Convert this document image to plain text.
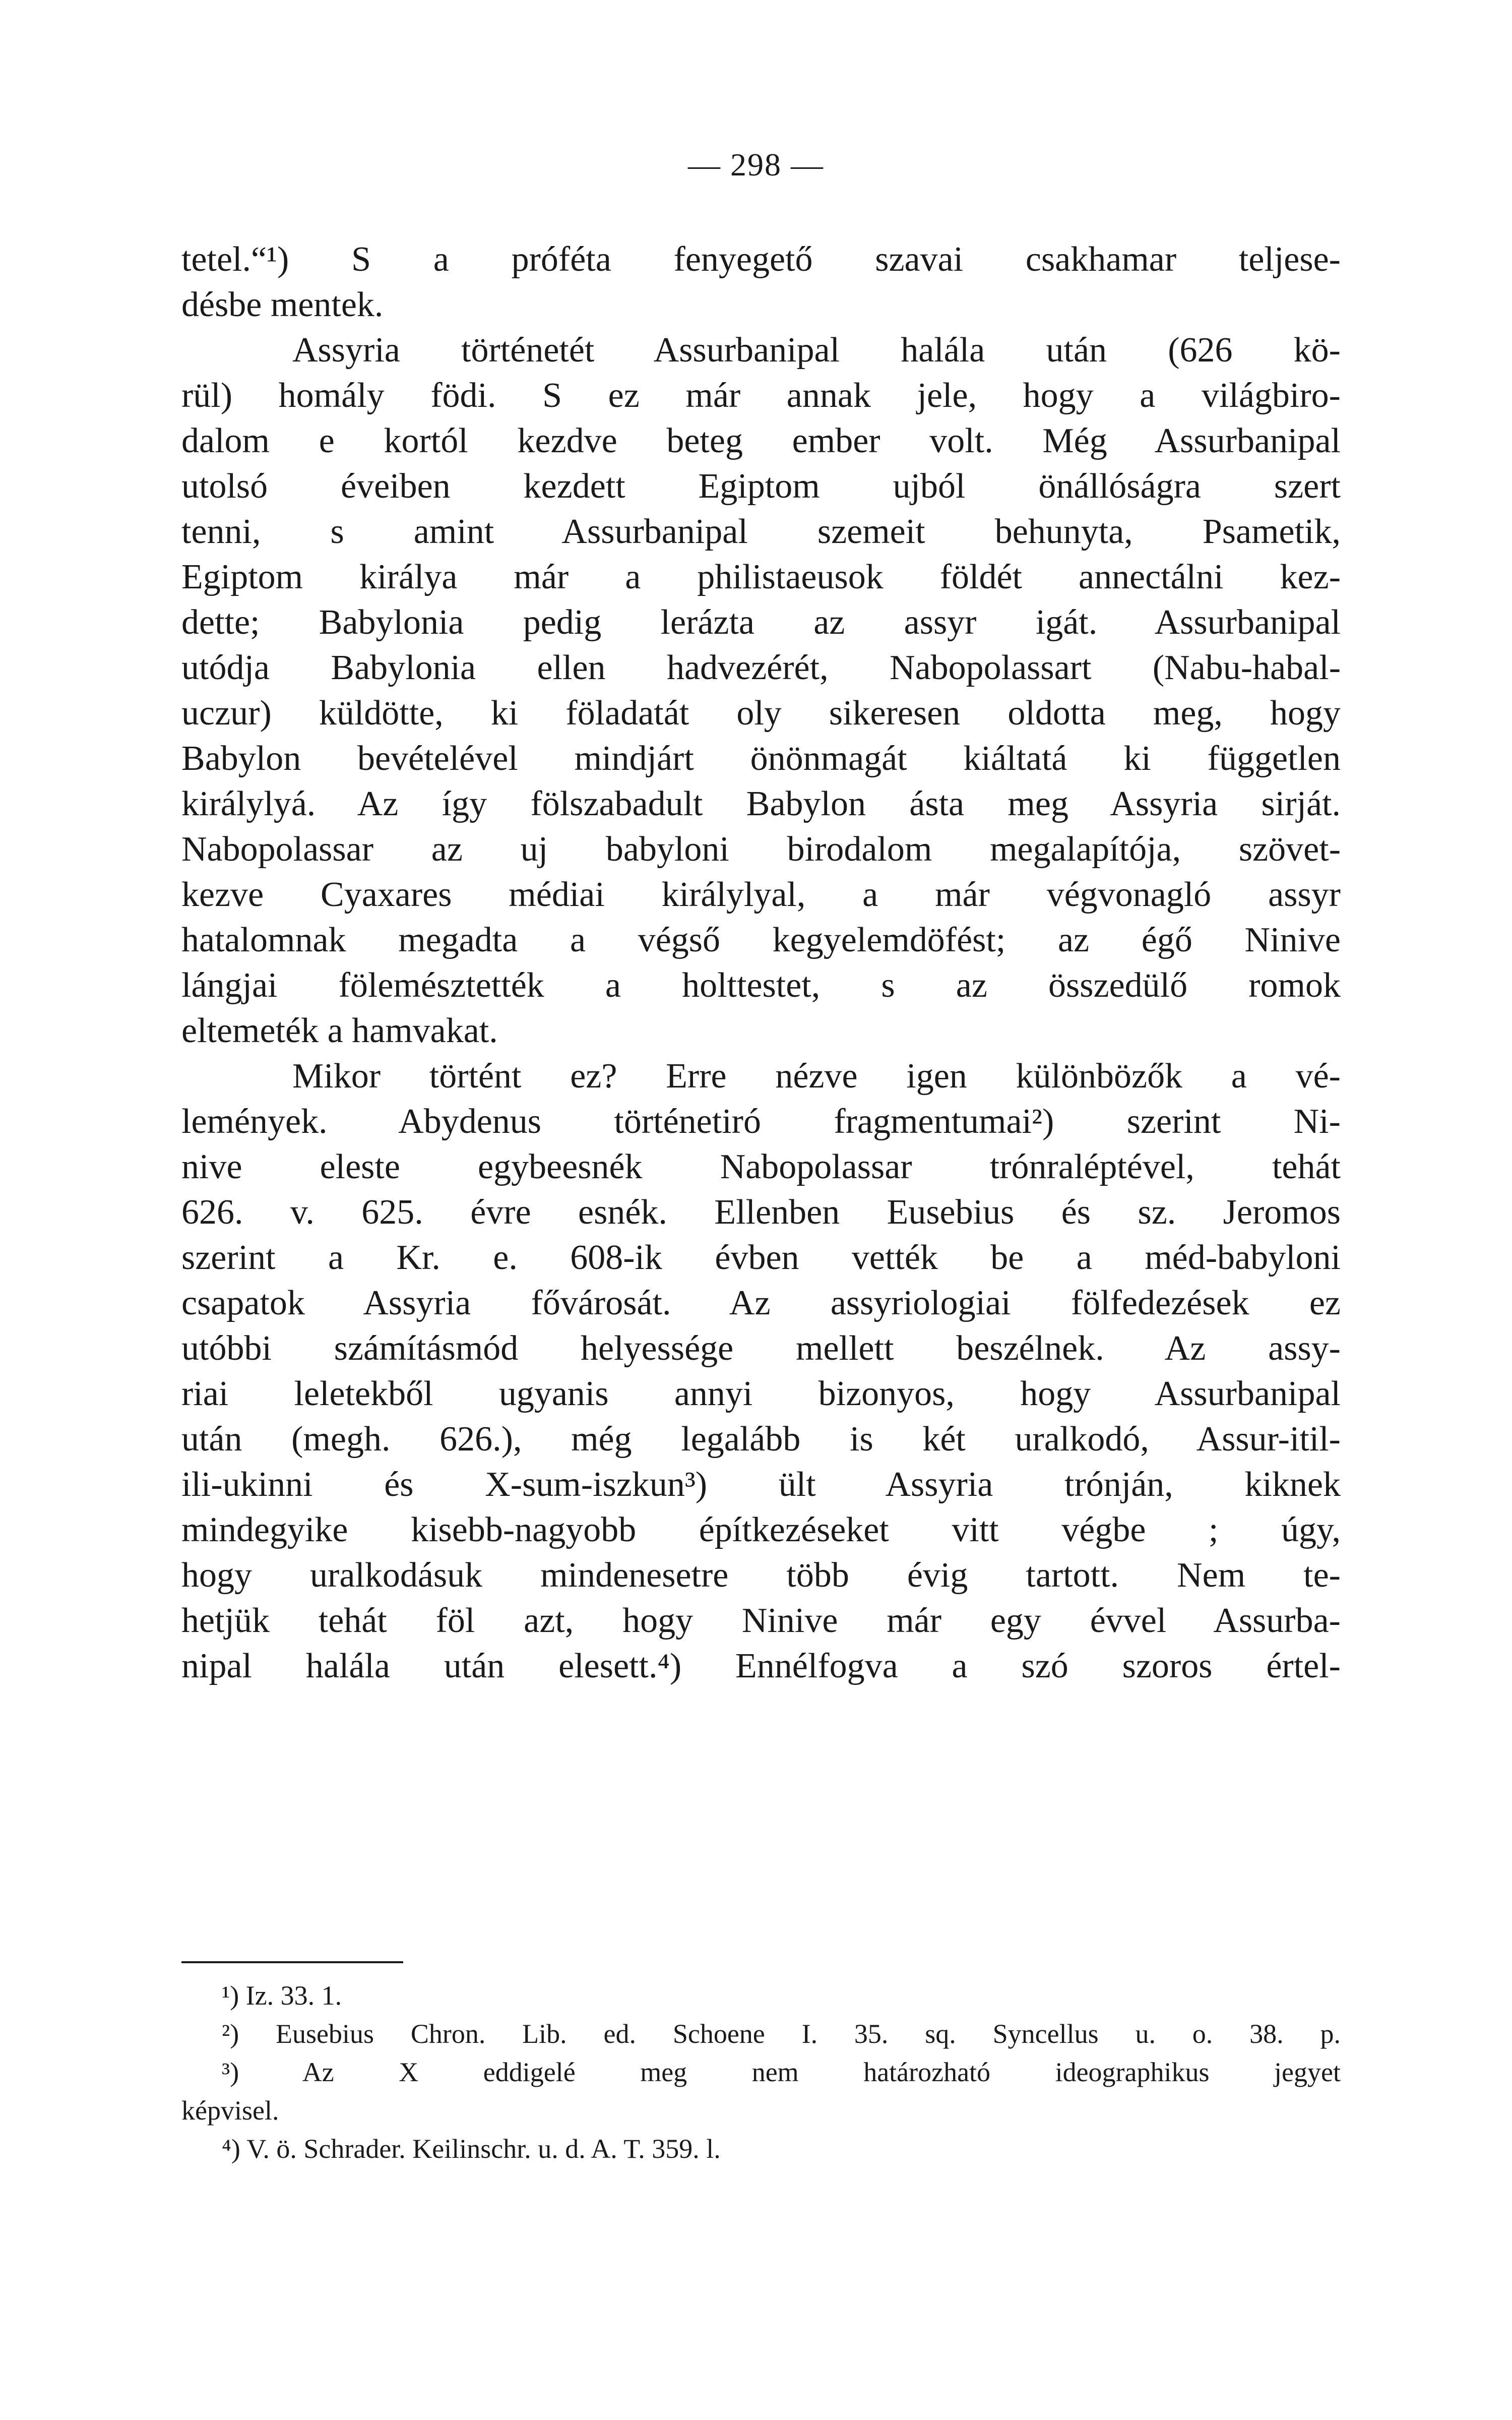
— 298 —
tetel.“¹) S a próféta fenyegető szavai csakhamar teljese-
désbe mentek.
Assyria történetét Assurbanipal halála után (626 kö-
rül) homály födi. S ez már annak jele, hogy a világbiro-
dalom e kortól kezdve beteg ember volt. Még Assurbanipal
utolsó éveiben kezdett Egiptom ujból önállóságra szert
tenni, s amint Assurbanipal szemeit behunyta, Psametik,
Egiptom királya már a philistaeusok földét annectálni kez-
dette; Babylonia pedig lerázta az assyr igát. Assurbanipal
utódja Babylonia ellen hadvezérét, Nabopolassart (Nabu-habal-
uczur) küldötte, ki föladatát oly sikeresen oldotta meg, hogy
Babylon bevételével mindjárt önönmagát kiáltatá ki független
királylyá. Az így fölszabadult Babylon ásta meg Assyria sirját.
Nabopolassar az uj babyloni birodalom megalapítója, szövet-
kezve Cyaxares médiai királylyal, a már végvonagló assyr
hatalomnak megadta a végső kegyelemdöfést; az égő Ninive
lángjai fölemésztették a holttestet, s az összedülő romok
eltemeték a hamvakat.
Mikor történt ez? Erre nézve igen különbözők a vé-
lemények. Abydenus történetiró fragmentumai²) szerint Ni-
nive eleste egybeesnék Nabopolassar trónraléptével, tehát
626. v. 625. évre esnék. Ellenben Eusebius és sz. Jeromos
szerint a Kr. e. 608-ik évben vették be a méd-babyloni
csapatok Assyria fővárosát. Az assyriologiai fölfedezések ez
utóbbi számításmód helyessége mellett beszélnek. Az assy-
riai leletekből ugyanis annyi bizonyos, hogy Assurbanipal
után (megh. 626.), még legalább is két uralkodó, Assur-itil-
ili-ukinni és X-sum-iszkun³) ült Assyria trónján, kiknek
mindegyike kisebb-nagyobb építkezéseket vitt végbe ; úgy,
hogy uralkodásuk mindenesetre több évig tartott. Nem te-
hetjük tehát föl azt, hogy Ninive már egy évvel Assurba-
nipal halála után elesett.⁴) Ennélfogva a szó szoros értel-
¹) Iz. 33. 1.
²) Eusebius Chron. Lib. ed. Schoene I. 35. sq. Syncellus u. o. 38. p.
³) Az X eddigelé meg nem határozható ideographikus jegyet
képvisel.
⁴) V. ö. Schrader. Keilinschr. u. d. A. T. 359. l.
